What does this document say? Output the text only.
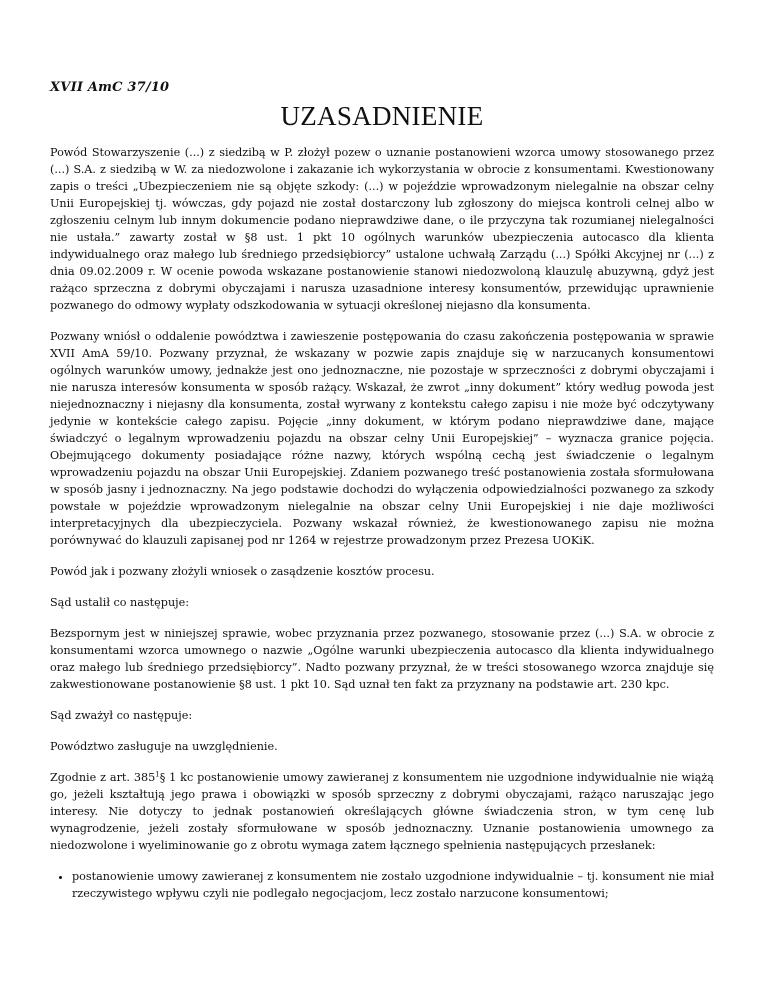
XVII AmC 37/10
UZASADNIENIE

Powód Stowarzyszenie (...) z siedzibą w P. złożył pozew o uznanie postanowieni wzorca umowy stosowanego przez (...) S.A. z siedzibą w W. za niedozwolone i zakazanie ich wykorzystania w obrocie z konsumentami. Kwestionowany zapis o treści „Ubezpieczeniem nie są objęte szkody: (...) w pojeździe wprowadzonym nielegalnie na obszar celny Unii Europejskiej tj. wówczas, gdy pojazd nie został dostarczony lub zgłoszony do miejsca kontroli celnej albo w zgłoszeniu celnym lub innym dokumencie podano nieprawdziwe dane, o ile przyczyna tak rozumianej nielegalności nie ustała.” zawarty został w §8 ust. 1 pkt 10 ogólnych warunków ubezpieczenia autocasco dla klienta indywidualnego oraz małego lub średniego przedsiębiorcy” ustalone uchwałą Zarządu (...) Spółki Akcyjnej nr (...) z dnia 09.02.2009 r. W ocenie powoda wskazane postanowienie stanowi niedozwoloną klauzulę abuzywną, gdyż jest rażąco sprzeczna z dobrymi obyczajami i narusza uzasadnione interesy konsumentów, przewidując uprawnienie pozwanego do odmowy wypłaty odszkodowania w sytuacji określonej niejasno dla konsumenta.

Pozwany wniósł o oddalenie powództwa i zawieszenie postępowania do czasu zakończenia postępowania w sprawie XVII AmA 59/10. Pozwany przyznał, że wskazany w pozwie zapis znajduje się w narzucanych konsumentowi ogólnych warunków umowy, jednakże jest ono jednoznaczne, nie pozostaje w sprzeczności z dobrymi obyczajami i nie narusza interesów konsumenta w sposób rażący. Wskazał, że zwrot „inny dokument” który według powoda jest niejednoznaczny i niejasny dla konsumenta, został wyrwany z kontekstu całego zapisu i nie może być odczytywany jedynie w kontekście całego zapisu. Pojęcie „inny dokument, w którym podano nieprawdziwe dane, mające świadczyć o legalnym wprowadzeniu pojazdu na obszar celny Unii Europejskiej” – wyznacza granice pojęcia. Obejmującego dokumenty posiadające różne nazwy, których wspólną cechą jest świadczenie o legalnym wprowadzeniu pojazdu na obszar Unii Europejskiej. Zdaniem pozwanego treść postanowienia została sformułowana w sposób jasny i jednoznaczny. Na jego podstawie dochodzi do wyłączenia odpowiedzialności pozwanego za szkody powstałe w pojeździe wprowadzonym nielegalnie na obszar celny Unii Europejskiej i nie daje możliwości interpretacyjnych dla ubezpieczyciela. Pozwany wskazał również, że kwestionowanego zapisu nie można porównywać do klauzuli zapisanej pod nr 1264 w rejestrze prowadzonym przez Prezesa UOKiK.

Powód jak i pozwany złożyli wniosek o zasądzenie kosztów procesu.

Sąd ustalił co następuje:

Bezspornym jest w niniejszej sprawie, wobec przyznania przez pozwanego, stosowanie przez (...) S.A. w obrocie z konsumentami wzorca umownego o nazwie „Ogólne warunki ubezpieczenia autocasco dla klienta indywidualnego oraz małego lub średniego przedsiębiorcy”. Nadto pozwany przyznał, że w treści stosowanego wzorca znajduje się zakwestionowane postanowienie §8 ust. 1 pkt 10. Sąd uznał ten fakt za przyznany na podstawie art. 230 kpc.

Sąd zważył co następuje:

Powództwo zasługuje na uwzględnienie.

Zgodnie z art. $385^1\S$ 1 kc postanowienie umowy zawieranej z konsumentem nie uzgodnione indywidualnie nie wiążą go, jeżeli kształtują jego prawa i obowiązki w sposób sprzeczny z dobrymi obyczajami, rażąco naruszając jego interesy. Nie dotyczy to jednak postanowień określających główne świadczenia stron, w tym cenę lub wynagrodzenie, jeżeli zostały sformułowane w sposób jednoznaczny. Uznanie postanowienia umownego za niedozwolone i wyeliminowanie go z obrotu wymaga zatem łącznego spełnienia następujących przesłanek:

• postanowienie umowy zawieranej z konsumentem nie zostało uzgodnione indywidualnie – tj. konsument nie miał rzeczywistego wpływu czyli nie podlegało negocjacjom, lecz zostało narzucone konsumentowi;
